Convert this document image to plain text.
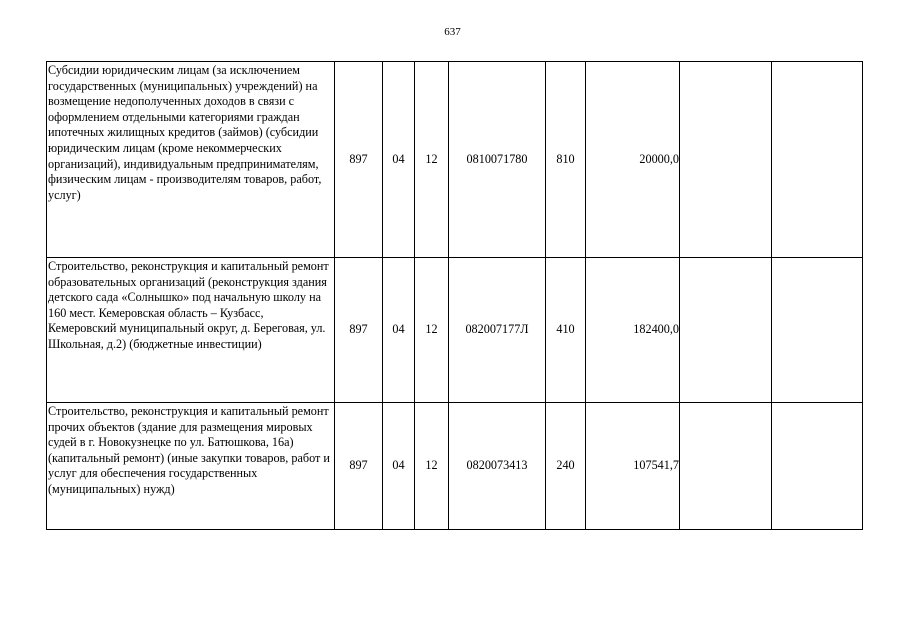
637
Субсидии юридическим лицам (за исключением государственных (муниципальных) учреждений) на возмещение недополученных доходов в связи с оформлением отдельными категориями граждан ипотечных жилищных кредитов (займов) (субсидии юридическим лицам (кроме некоммерческих организаций), индивидуальным предпринимателям, физическим лицам - производителям товаров, работ, услуг)	897	04	12	0810071780	810	20000,0		
Строительство, реконструкция и капитальный ремонт образовательных организаций (реконструкция здания детского сада «Солнышко» под начальную школу на 160 мест. Кемеровская область – Кузбасс, Кемеровский муниципальный округ, д. Береговая, ул. Школьная, д.2) (бюджетные инвестиции)	897	04	12	082007177Л	410	182400,0		
Строительство, реконструкция и капитальный ремонт прочих объектов (здание для размещения мировых судей в г. Новокузнецке по ул. Батюшкова, 16а) (капитальный ремонт) (иные закупки товаров, работ и услуг для обеспечения государственных (муниципальных) нужд)	897	04	12	0820073413	240	107541,7		
